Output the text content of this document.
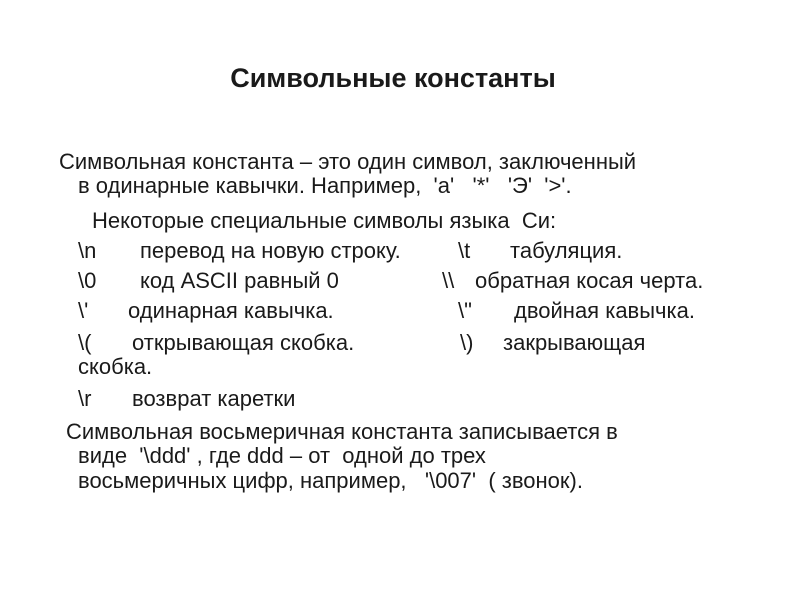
Символьные константы
Символьная константа – это один символ, заключенный
в одинарные кавычки. Например,  'a'   '*'   'Э'  '>'.
Некоторые специальные символы языка  Си:
\n перевод на новую строку.	\t табуляция.
\0 код ASCII равный 0	\\ обратная косая черта.
\' одинарная кавычка.	\" двойная кавычка.
\( открывающая скобка.	\) закрывающая
скобка.
\r возврат каретки
Символьная восьмеричная константа записывается в
виде  '\ddd' , где ddd – от  одной до трех
восьмеричных цифр, например,   '\007'  ( звонок).
